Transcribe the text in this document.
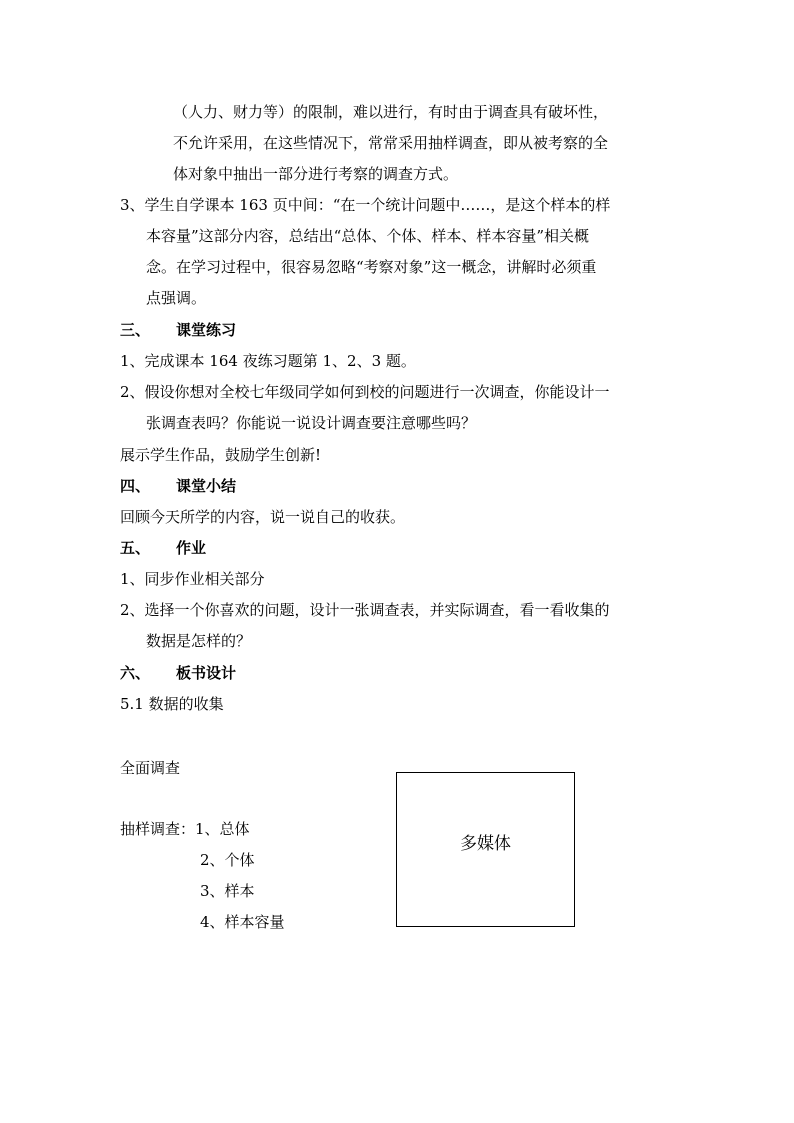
（人力、财力等）的限制，难以进行，有时由于调查具有破坏性，
不允许采用，在这些情况下，常常采用抽样调查，即从被考察的全
体对象中抽出一部分进行考察的调查方式。
3、学生自学课本 163 页中间：“在一个统计问题中……，是这个样本的样
本容量”这部分内容，总结出“总体、个体、样本、样本容量”相关概
念。在学习过程中，很容易忽略“考察对象”这一概念，讲解时必须重
点强调。
三、 课堂练习
1、完成课本 164 夜练习题第 1、2、3 题。
2、假设你想对全校七年级同学如何到校的问题进行一次调查，你能设计一
张调查表吗？你能说一说设计调查要注意哪些吗？
展示学生作品，鼓励学生创新!
四、 课堂小结
回顾今天所学的内容，说一说自己的收获。
五、 作业
1、同步作业相关部分
2、选择一个你喜欢的问题，设计一张调查表，并实际调查，看一看收集的
数据是怎样的？
六、 板书设计
5.1 数据的收集
全面调查
抽样调查：1、总体
2、个体
3、样本
4、样本容量
多媒体
